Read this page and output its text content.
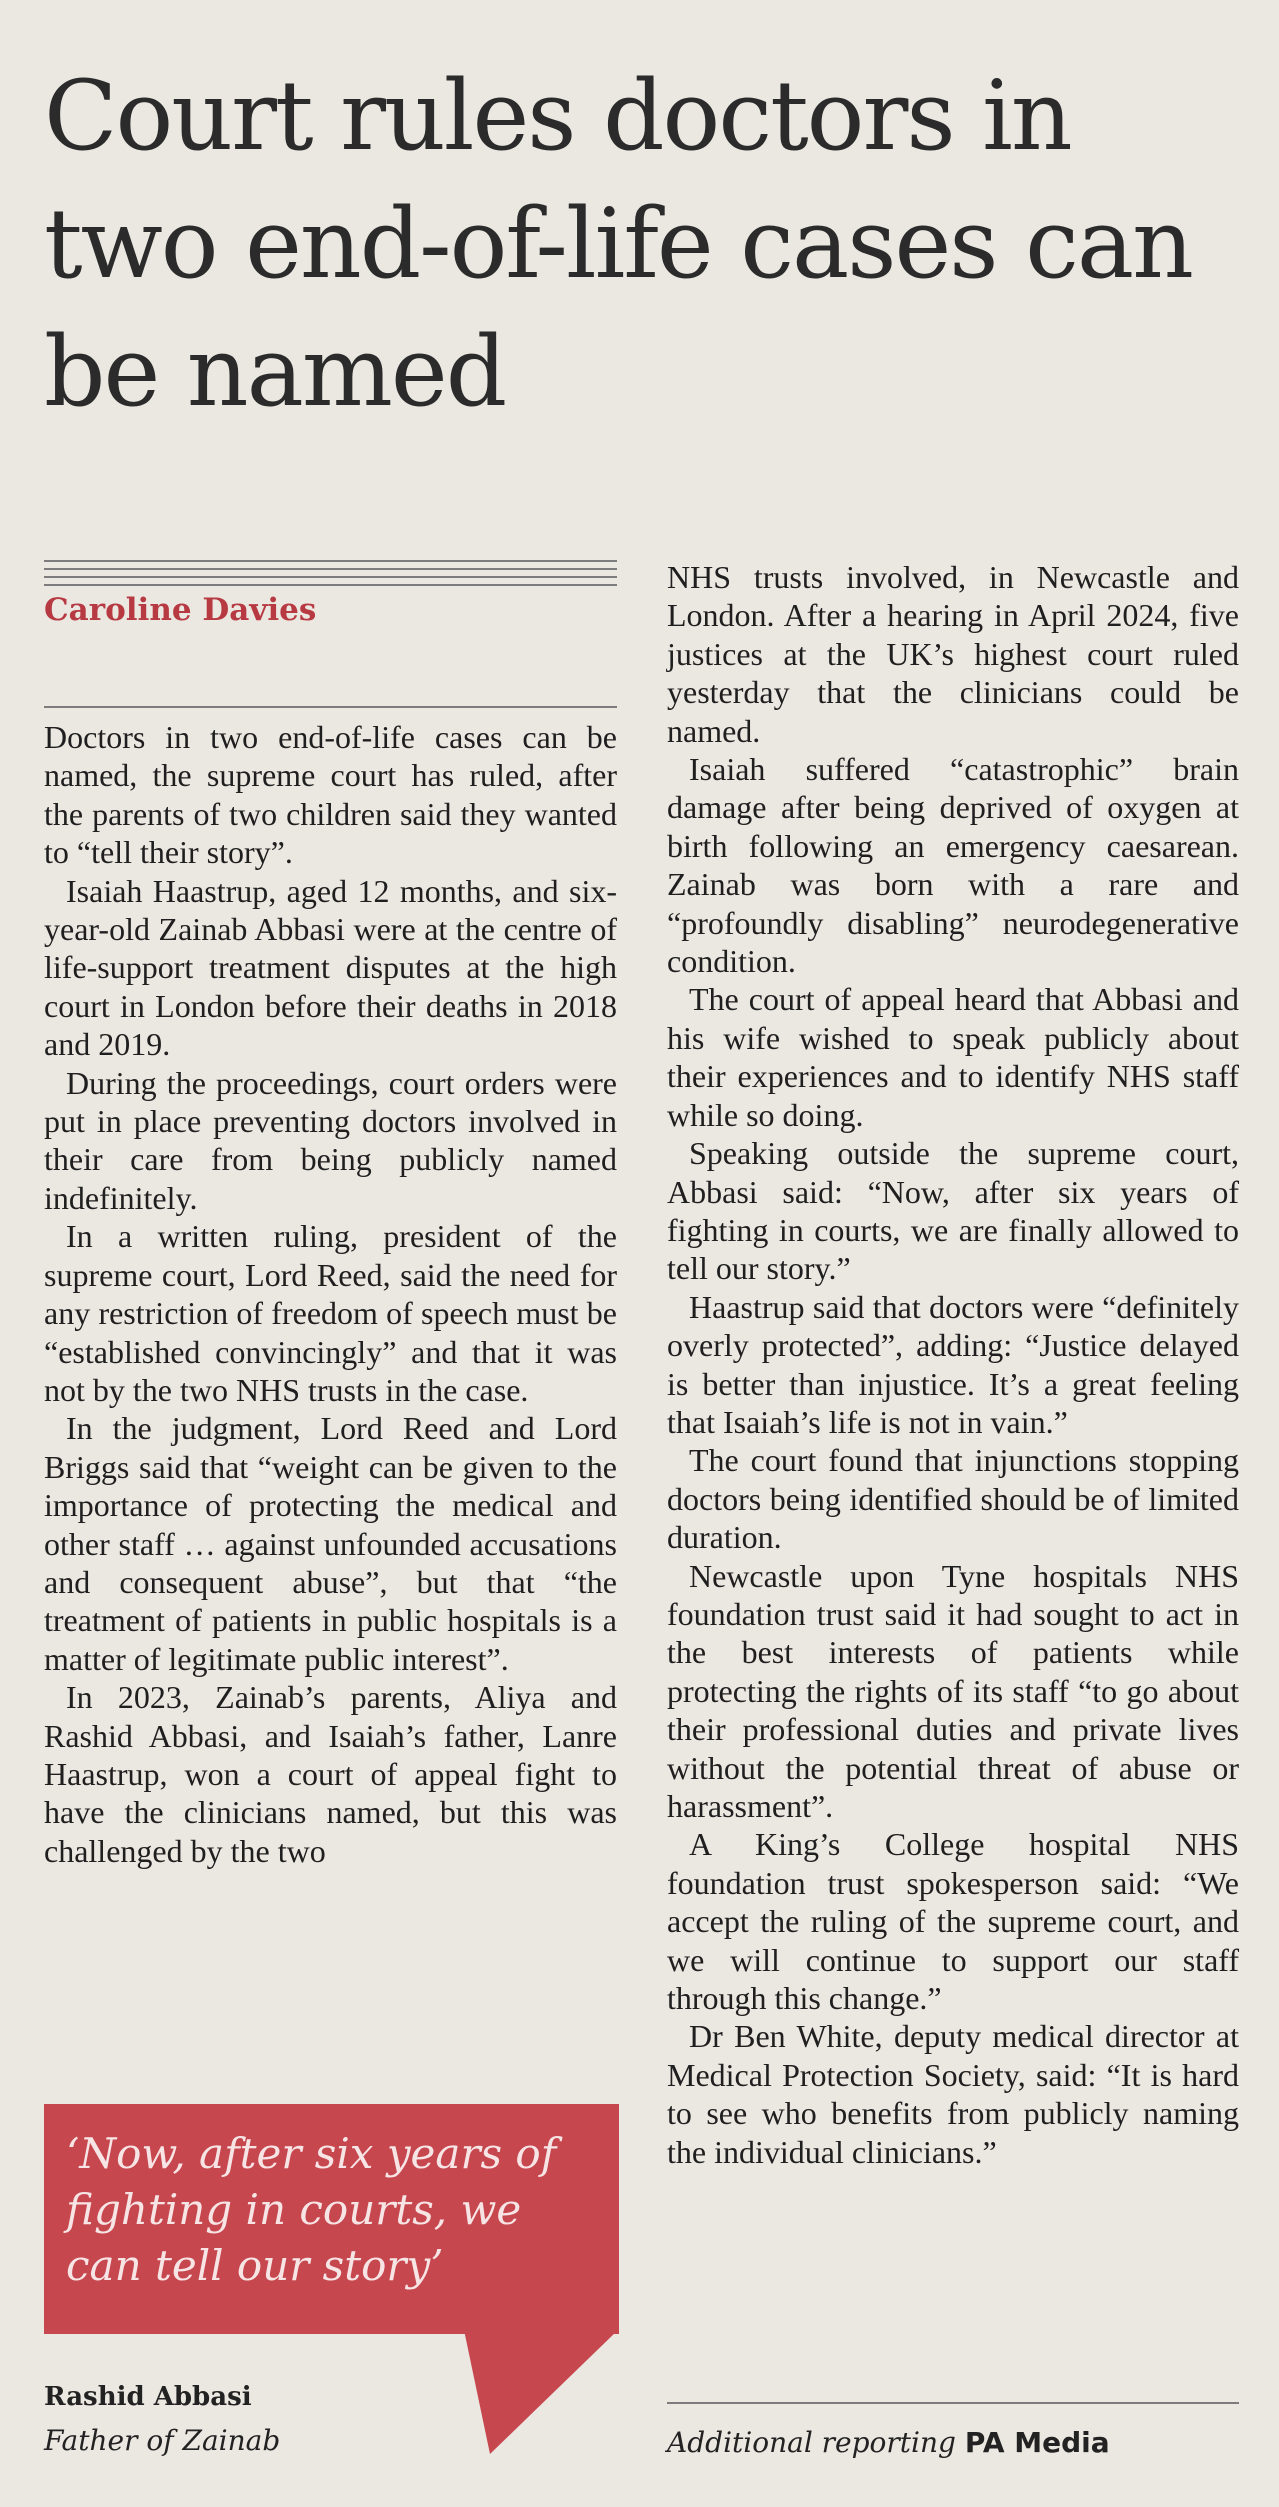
Court rules doctors in two end-of-life cases can be named

Caroline Davies

Doctors in two end-of-life cases can be named, the supreme court has ruled, after the parents of two children said they wanted to “tell their story”.

Isaiah Haastrup, aged 12 months, and six-year-old Zainab Abbasi were at the centre of life-support treatment disputes at the high court in London before their deaths in 2018 and 2019.

During the proceedings, court orders were put in place preventing doctors involved in their care from being publicly named indefinitely.

In a written ruling, president of the supreme court, Lord Reed, said the need for any restriction of freedom of speech must be “established convincingly” and that it was not by the two NHS trusts in the case.

In the judgment, Lord Reed and Lord Briggs said that “weight can be given to the importance of protecting the medical and other staff … against unfounded accusations and consequent abuse”, but that “the treatment of patients in public hospitals is a matter of legitimate public interest”.

In 2023, Zainab’s parents, Aliya and Rashid Abbasi, and Isaiah’s father, Lanre Haastrup, won a court of appeal fight to have the clinicians named, but this was challenged by the two

NHS trusts involved, in Newcastle and London. After a hearing in April 2024, five justices at the UK’s highest court ruled yesterday that the clinicians could be named.

Isaiah suffered “catastrophic” brain damage after being deprived of oxygen at birth following an emergency caesarean. Zainab was born with a rare and “profoundly disabling” neurodegenerative condition.

The court of appeal heard that Abbasi and his wife wished to speak publicly about their experiences and to identify NHS staff while so doing.

Speaking outside the supreme court, Abbasi said: “Now, after six years of fighting in courts, we are finally allowed to tell our story.”

Haastrup said that doctors were “definitely overly protected”, adding: “Justice delayed is better than injustice. It’s a great feeling that Isaiah’s life is not in vain.”

The court found that injunctions stopping doctors being identified should be of limited duration.

Newcastle upon Tyne hospitals NHS foundation trust said it had sought to act in the best interests of patients while protecting the rights of its staff “to go about their professional duties and private lives without the potential threat of abuse or harassment”.

A King’s College hospital NHS foundation trust spokesperson said: “We accept the ruling of the supreme court, and we will continue to support our staff through this change.”

Dr Ben White, deputy medical director at Medical Protection Society, said: “It is hard to see who benefits from publicly naming the individual clinicians.”

‘Now, after six years of fighting in courts, we can tell our story’

Rashid Abbasi

Father of Zainab	Additional reporting PA Media
